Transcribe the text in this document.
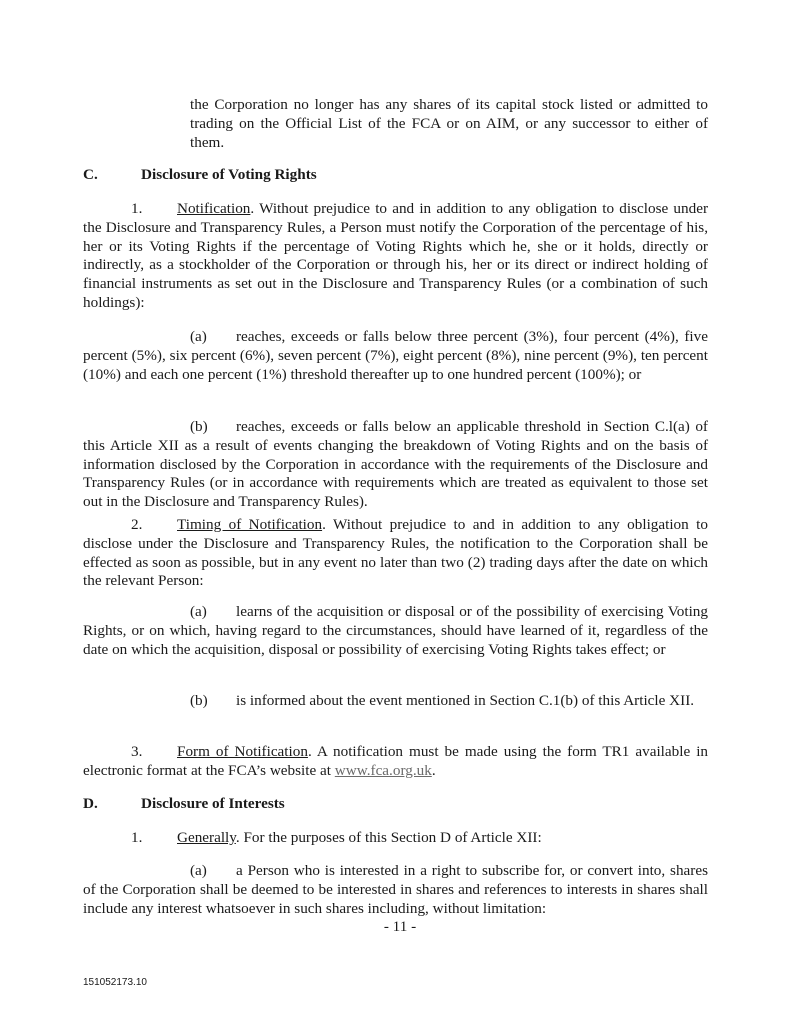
the Corporation no longer has any shares of its capital stock listed or admitted to trading on the Official List of the FCA or on AIM, or any successor to either of them.

C.	Disclosure of Voting Rights

1. Notification. Without prejudice to and in addition to any obligation to disclose under the Disclosure and Transparency Rules, a Person must notify the Corporation of the percentage of his, her or its Voting Rights if the percentage of Voting Rights which he, she or it holds, directly or indirectly, as a stockholder of the Corporation or through his, her or its direct or indirect holding of financial instruments as set out in the Disclosure and Transparency Rules (or a combination of such holdings):

(a) reaches, exceeds or falls below three percent (3%), four percent (4%), five percent (5%), six percent (6%), seven percent (7%), eight percent (8%), nine percent (9%), ten percent (10%) and each one percent (1%) threshold thereafter up to one hundred percent (100%); or

(b) reaches, exceeds or falls below an applicable threshold in Section C.l(a) of this Article XII as a result of events changing the breakdown of Voting Rights and on the basis of information disclosed by the Corporation in accordance with the requirements of the Disclosure and Transparency Rules (or in accordance with requirements which are treated as equivalent to those set out in the Disclosure and Transparency Rules).

2. Timing of Notification. Without prejudice to and in addition to any obligation to disclose under the Disclosure and Transparency Rules, the notification to the Corporation shall be effected as soon as possible, but in any event no later than two (2) trading days after the date on which the relevant Person:

(a) learns of the acquisition or disposal or of the possibility of exercising Voting Rights, or on which, having regard to the circumstances, should have learned of it, regardless of the date on which the acquisition, disposal or possibility of exercising Voting Rights takes effect; or

(b) is informed about the event mentioned in Section C.1(b) of this Article XII.

3. Form of Notification. A notification must be made using the form TR1 available in electronic format at the FCA’s website at www.fca.org.uk.

D.	Disclosure of Interests

1. Generally. For the purposes of this Section D of Article XII:

(a) a Person who is interested in a right to subscribe for, or convert into, shares of the Corporation shall be deemed to be interested in shares and references to interests in shares shall include any interest whatsoever in such shares including, without limitation:

- 11 -
151052173.10
